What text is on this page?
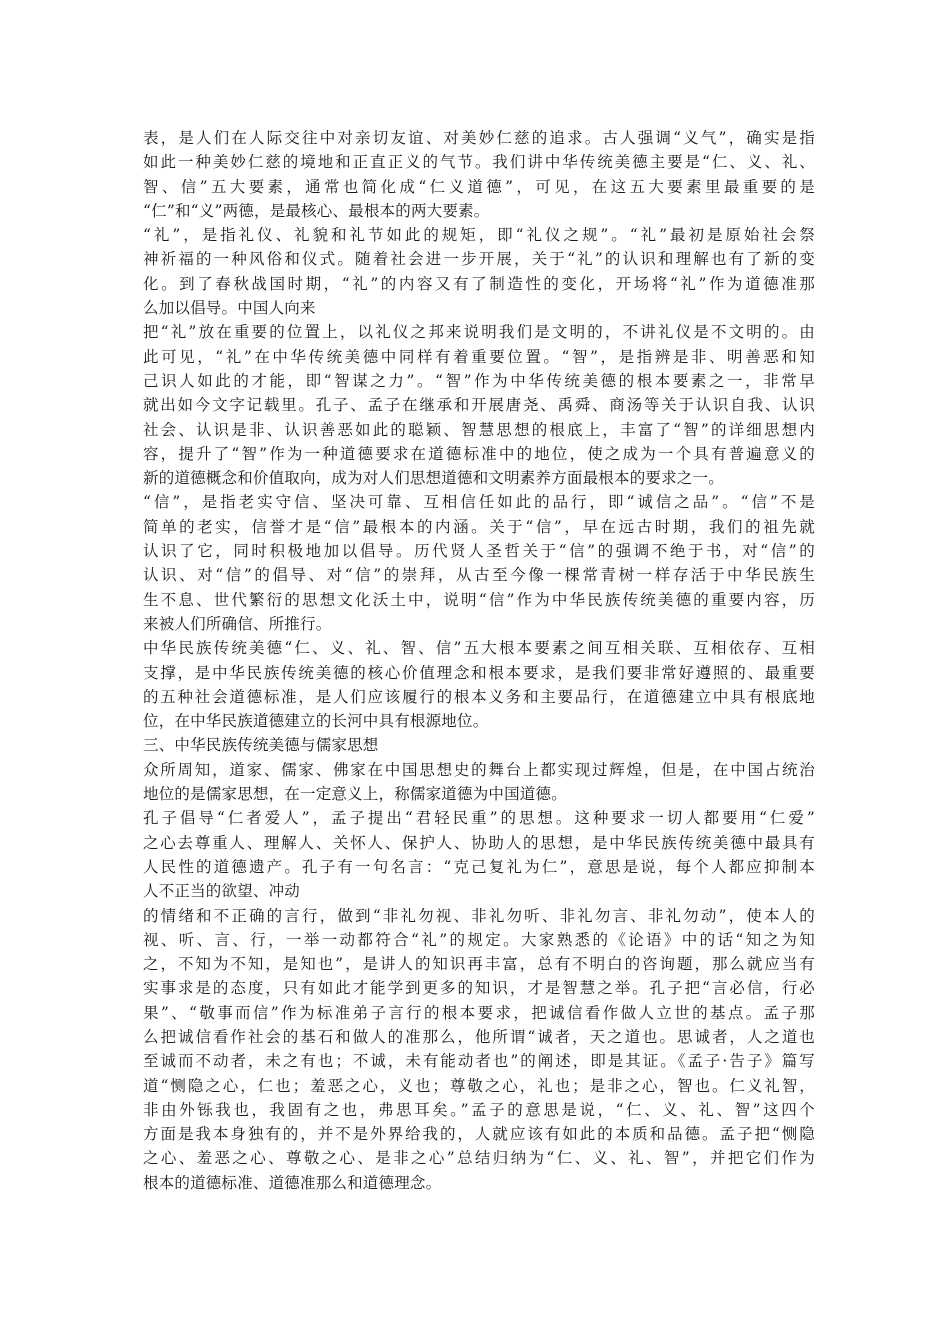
表，是人们在人际交往中对亲切友谊、对美妙仁慈的追求。古人强调“义气”，确实是指
如此一种美妙仁慈的境地和正直正义的气节。我们讲中华传统美德主要是“仁、义、礼、
智、信”五大要素，通常也简化成“仁义道德”，可见，在这五大要素里最重要的是
“仁”和“义”两德，是最核心、最根本的两大要素。
“礼”，是指礼仪、礼貌和礼节如此的规矩，即“礼仪之规”。“礼”最初是原始社会祭
神祈福的一种风俗和仪式。随着社会进一步开展，关于“礼”的认识和理解也有了新的变
化。到了春秋战国时期，“礼”的内容又有了制造性的变化，开场将“礼”作为道德准那
么加以倡导。中国人向来
把“礼”放在重要的位置上，以礼仪之邦来说明我们是文明的，不讲礼仪是不文明的。由
此可见，“礼”在中华传统美德中同样有着重要位置。“智”，是指辨是非、明善恶和知
己识人如此的才能，即“智谋之力”。“智”作为中华传统美德的根本要素之一，非常早
就出如今文字记载里。孔子、孟子在继承和开展唐尧、禹舜、商汤等关于认识自我、认识
社会、认识是非、认识善恶如此的聪颖、智慧思想的根底上，丰富了“智”的详细思想内
容，提升了“智”作为一种道德要求在道德标准中的地位，使之成为一个具有普遍意义的
新的道德概念和价值取向，成为对人们思想道德和文明素养方面最根本的要求之一。
“信”，是指老实守信、坚决可靠、互相信任如此的品行，即“诚信之品”。“信”不是
简单的老实，信誉才是“信”最根本的内涵。关于“信”，早在远古时期，我们的祖先就
认识了它，同时积极地加以倡导。历代贤人圣哲关于“信”的强调不绝于书，对“信”的
认识、对“信”的倡导、对“信”的崇拜，从古至今像一棵常青树一样存活于中华民族生
生不息、世代繁衍的思想文化沃土中，说明“信”作为中华民族传统美德的重要内容，历
来被人们所确信、所推行。
中华民族传统美德“仁、义、礼、智、信”五大根本要素之间互相关联、互相依存、互相
支撑，是中华民族传统美德的核心价值理念和根本要求，是我们要非常好遵照的、最重要
的五种社会道德标准，是人们应该履行的根本义务和主要品行，在道德建立中具有根底地
位，在中华民族道德建立的长河中具有根源地位。
三、中华民族传统美德与儒家思想
众所周知，道家、儒家、佛家在中国思想史的舞台上都实现过辉煌，但是，在中国占统治
地位的是儒家思想，在一定意义上，称儒家道德为中国道德。
孔子倡导“仁者爱人”，孟子提出“君轻民重”的思想。这种要求一切人都要用“仁爱”
之心去尊重人、理解人、关怀人、保护人、协助人的思想，是中华民族传统美德中最具有
人民性的道德遗产。孔子有一句名言：“克己复礼为仁”，意思是说，每个人都应抑制本
人不正当的欲望、冲动
的情绪和不正确的言行，做到“非礼勿视、非礼勿听、非礼勿言、非礼勿动”，使本人的
视、听、言、行，一举一动都符合“礼”的规定。大家熟悉的《论语》中的话“知之为知
之，不知为不知，是知也”，是讲人的知识再丰富，总有不明白的咨询题，那么就应当有
实事求是的态度，只有如此才能学到更多的知识，才是智慧之举。孔子把“言必信，行必
果”、“敬事而信”作为标准弟子言行的根本要求，把诚信看作做人立世的基点。孟子那
么把诚信看作社会的基石和做人的准那么，他所谓“诚者，天之道也。思诚者，人之道也
至诚而不动者，未之有也；不诚，未有能动者也”的阐述，即是其证。《孟子·告子》篇写
道“恻隐之心，仁也；羞恶之心，义也；尊敬之心，礼也；是非之心，智也。仁义礼智，
非由外铄我也，我固有之也，弗思耳矣。”孟子的意思是说，“仁、义、礼、智”这四个
方面是我本身独有的，并不是外界给我的，人就应该有如此的本质和品德。孟子把“恻隐
之心、羞恶之心、尊敬之心、是非之心”总结归纳为“仁、义、礼、智”，并把它们作为
根本的道德标准、道德准那么和道德理念。
